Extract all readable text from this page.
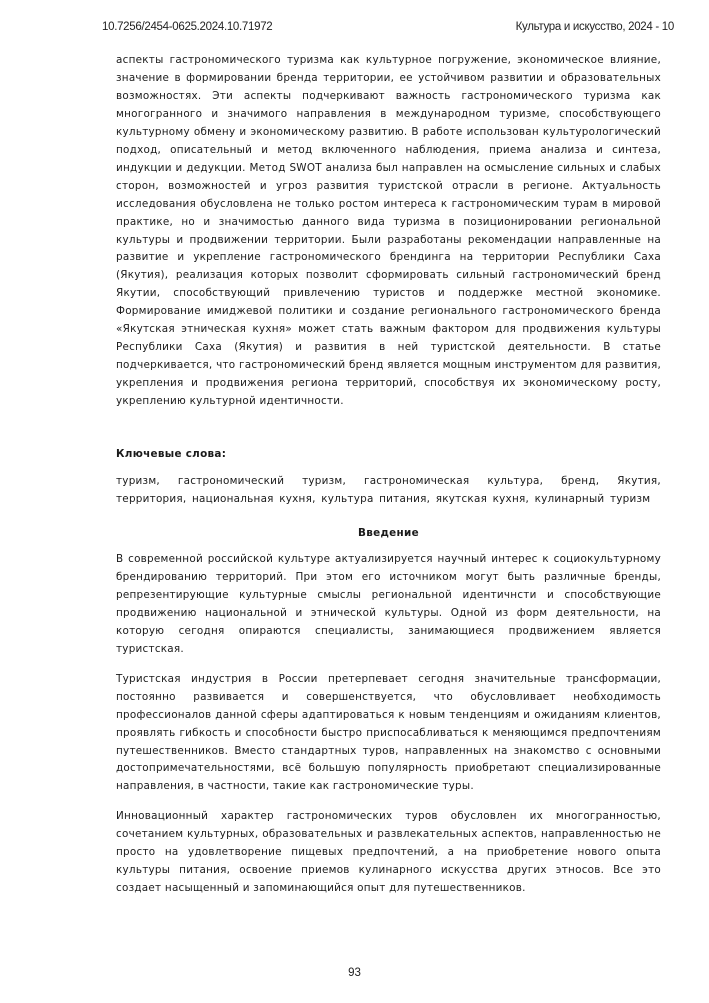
10.7256/2454-0625.2024.10.71972	Культура и искусство, 2024 - 10

аспекты гастрономического туризма как культурное погружение, экономическое влияние, значение в формировании бренда территории, ее устойчивом развитии и образовательных возможностях. Эти аспекты подчеркивают важность гастрономического туризма как многогранного и значимого направления в международном туризме, способствующего культурному обмену и экономическому развитию. В работе использован культурологический подход, описательный и метод включенного наблюдения, приема анализа и синтеза, индукции и дедукции. Метод SWOT анализа был направлен на осмысление сильных и слабых сторон, возможностей и угроз развития туристской отрасли в регионе. Актуальность исследования обусловлена не только ростом интереса к гастрономическим турам в мировой практике, но и значимостью данного вида туризма в позиционировании региональной культуры и продвижении территории. Были разработаны рекомендации направленные на развитие и укрепление гастрономического брендинга на территории Республики Саха (Якутия), реализация которых позволит сформировать сильный гастрономический бренд Якутии, способствующий привлечению туристов и поддержке местной экономике. Формирование имиджевой политики и создание регионального гастрономического бренда «Якутская этническая кухня» может стать важным фактором для продвижения культуры Республики Саха (Якутия) и развития в ней туристской деятельности. В статье подчеркивается, что гастрономический бренд является мощным инструментом для развития, укрепления и продвижения региона территорий, способствуя их экономическому росту, укреплению культурной идентичности.

Ключевые слова:

туризм, гастрономический туризм, гастрономическая культура, бренд, Якутия, территория, национальная кухня, культура питания, якутская кухня, кулинарный туризм

Введение

В современной российской культуре актуализируется научный интерес к социокультурному брендированию территорий. При этом его источником могут быть различные бренды, репрезентирующие культурные смыслы региональной идентичнсти и способствующие продвижению национальной и этнической культуры. Одной из форм деятельности, на которую сегодня опираются специалисты, занимающиеся продвижением является туристская.

Туристская индустрия в России претерпевает сегодня значительные трансформации, постоянно развивается и совершенствуется, что обусловливает необходимость профессионалов данной сферы адаптироваться к новым тенденциям и ожиданиям клиентов, проявлять гибкость и способности быстро приспосабливаться к меняющимся предпочтениям путешественников. Вместо стандартных туров, направленных на знакомство с основными достопримечательностями, всё большую популярность приобретают специализированные направления, в частности, такие как гастрономические туры.

Инновационный характер гастрономических туров обусловлен их многогранностью, сочетанием культурных, образовательных и развлекательных аспектов, направленностью не просто на удовлетворение пищевых предпочтений, а на приобретение нового опыта культуры питания, освоение приемов кулинарного искусства других этносов. Все это создает насыщенный и запоминающийся опыт для путешественников.

93
